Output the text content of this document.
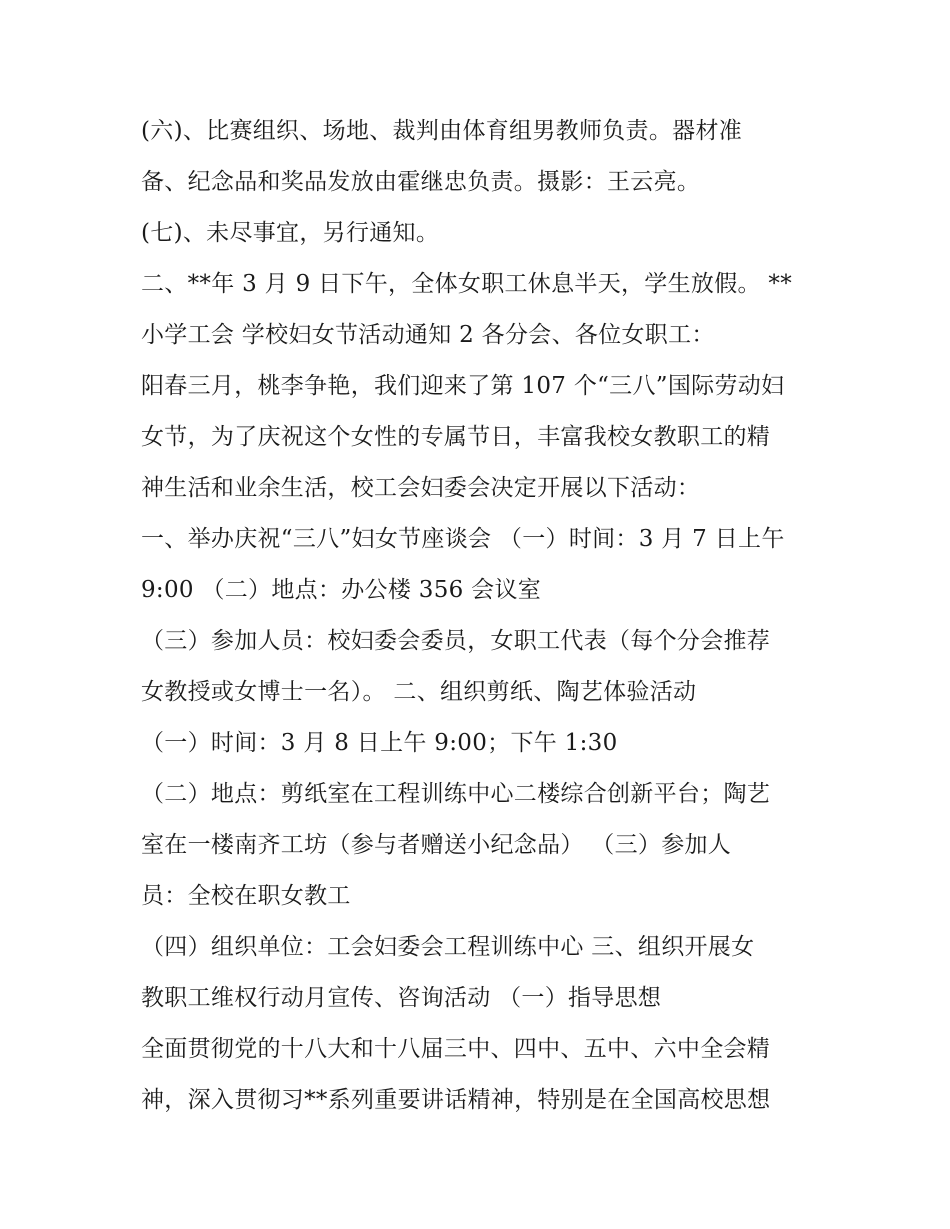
(六)、比赛组织、场地、裁判由体育组男教师负责。器材准
备、纪念品和奖品发放由霍继忠负责。摄影：王云亮。
(七)、未尽事宜，另行通知。
二、**年 3 月 9 日下午，全体女职工休息半天，学生放假。 **
小学工会 学校妇女节活动通知 2 各分会、各位女职工：
阳春三月，桃李争艳，我们迎来了第 107 个“三八”国际劳动妇
女节，为了庆祝这个女性的专属节日，丰富我校女教职工的精
神生活和业余生活，校工会妇委会决定开展以下活动：
一、举办庆祝“三八”妇女节座谈会 （一）时间：3 月 7 日上午
9:00 （二）地点：办公楼 356 会议室
（三）参加人员：校妇委会委员，女职工代表（每个分会推荐
女教授或女博士一名）。 二、组织剪纸、陶艺体验活动
（一）时间：3 月 8 日上午 9:00；下午 1:30
（二）地点：剪纸室在工程训练中心二楼综合创新平台；陶艺
室在一楼南齐工坊（参与者赠送小纪念品） （三）参加人
员：全校在职女教工
（四）组织单位：工会妇委会工程训练中心 三、组织开展女
教职工维权行动月宣传、咨询活动 （一）指导思想
全面贯彻党的十八大和十八届三中、四中、五中、六中全会精
神，深入贯彻习**系列重要讲话精神，特别是在全国高校思想
